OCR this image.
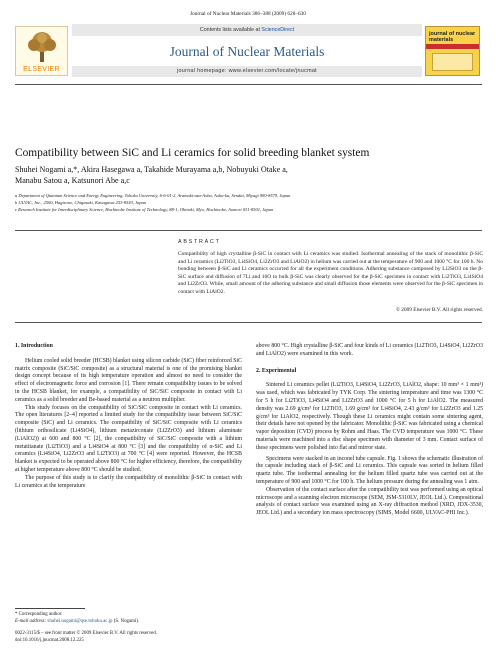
Journal of Nuclear Materials 386–388 (2009) 628–630
ELSEVIER
Contents lists available at ScienceDirect
Journal of Nuclear Materials
journal homepage: www.elsevier.com/locate/jnucmat
journal of nuclear materials
Compatibility between SiC and Li ceramics for solid breeding blanket system
Shuhei Nogami a,*, Akira Hasegawa a, Takahide Murayama a,b, Nobuyuki Otake a,
Manabu Satou a, Katsunori Abe a,c
a Department of Quantum Science and Energy Engineering, Tohoku University, 6-6-01-2, Aramaki-aza-Aoba, Aoba-ku, Sendai, Miyagi 980-8579, Japan
b ULVAC, Inc., 2500, Hagisono, Chigasaki, Kanagawa 253-8543, Japan
c Research Institute for Interdisciplinary Science, Hachinohe Institute of Technology, 88-1, Obiraki, Myo, Hachinohe, Aomori 031-8501, Japan
ABSTRACT
Compatibility of high crystalline β-SiC in contact with Li ceramics was studied. Isothermal annealing of the stack of monolithic β-SiC and Li ceramics (Li2TiO3, Li4SiO4, Li2ZrO3 and LiAlO2) in helium was carried out at the temperature of 900 and 1000 °C for 100 h. No bonding between β-SiC and Li ceramics occurred for all the experiment conditions. Adhering substance composed by Li2SiO3 on the β-SiC surface and diffusion of 7Li and 16O to bulk β-SiC was clearly observed for the β-SiC specimen in contact with Li2TiO3, Li4SiO4 and Li2ZrO3. While, small amount of the adhering substance and small diffusion those elements were observed for the β-SiC specimen in contact with LiAlO2.
© 2009 Elsevier B.V. All rights reserved.
1. Introduction

Helium cooled solid breeder (HCSB) blanket using silicon carbide (SiC) fiber reinforced SiC matrix composite (SiC/SiC composite) as a structural material is one of the promising blanket design concept because of its high temperature operation and almost no need to consider the effect of electromagnetic force and corrosion [1]. There remain compatibility issues to be solved in the HCSB blanket, for example, a compatibility of SiC/SiC composite in contact with Li ceramics as a solid breeder and Be-based material as a neutron multiplier.

This study focuses on the compatibility of SiC/SiC composite in contact with Li ceramics. The open literatures [2–4] reported a limited study for the compatibility issue between SiC/SiC composite (SiC) and Li ceramics. The compatibility of SiC/SiC composite with Li ceramics (lithium orthosilicate (Li4SiO4), lithium metazirconate (Li2ZrO3) and lithium aluminate (LiAlO2)) at 600 and 800 °C [2], the compatibility of SiC/SiC composite with a lithium metatitanate (Li2TiO3) and a Li4SiO4 at 800 °C [3] and the compatibility of α-SiC and Li ceramics (Li4SiO4, Li2ZrO3 and Li2TiO3) at 700 °C [4] were reported. However, the HCSB blanket is expected to be operated above 800 °C for higher efficiency, therefore, the compatibility at higher temperature above 800 °C should be studied.

The purpose of this study is to clarify the compatibility of monolithic β-SiC in contact with Li ceramics at the temperature

above 800 °C. High crystalline β-SiC and four kinds of Li ceramics (Li2TiO3, Li4SiO4, Li2ZrO3 and LiAlO2) were examined in this work.

2. Experimental

Sintered Li ceramics pellet (Li2TiO3, Li4SiO4, Li2ZrO3, LiAlO2, shape: 10 mm³ × 1 mm³) was used, which was fabricated by TYK Corp. The sintering temperature and time was 1300 °C for 5 h for Li2TiO3, Li4SiO4 and Li2ZrO3 and 1000 °C for 5 h for LiAlO2. The measured density was 2.69 g/cm³ for Li2TiO3, 1.69 g/cm³ for Li4SiO4, 2.43 g/cm³ for Li2ZrO3 and 1.25 g/cm³ for LiAlO2, respectively. Though these Li ceramics might contain some sintering agent, their details have not opened by the fabricator. Monolithic β-SiC was fabricated using a chemical vapor deposition (CVD) process by Rohm and Haas. The CVD temperature was 1000 °C. These materials were machined into a disc shape specimen with diameter of 3 mm. Contact surface of these specimens were polished into flat and mirror state.

Specimens were stacked in an inconel tube capsule. Fig. 1 shows the schematic illustration of the capsule including stack of β-SiC and Li ceramics. This capsule was sorted in helium filled quartz tube. The isothermal annealing for the helium filled quartz tube was carried out at the temperature of 900 and 1000 °C for 100 h. The helium pressure during the annealing was 1 atm.

Observation of the contact surface after the compatibility test was performed using an optical microscope and a scanning electron microscope (SEM, JSM-5310LV, JEOL Ltd.). Compositional analysis of contact surface was examined using an X-ray diffraction method (XRD, JDX-3530, JEOL Ltd.) and a secondary ion mass spectroscopy (SIMS, Model 6600, ULVAC-PHI Inc.).

* Corresponding author.
E-mail address: shuhei.nogami@qse.tohoku.ac.jp (S. Nogami).
0022-3115/$ – see front matter © 2009 Elsevier B.V. All rights reserved.
doi:10.1016/j.jnucmat.2008.12.225
